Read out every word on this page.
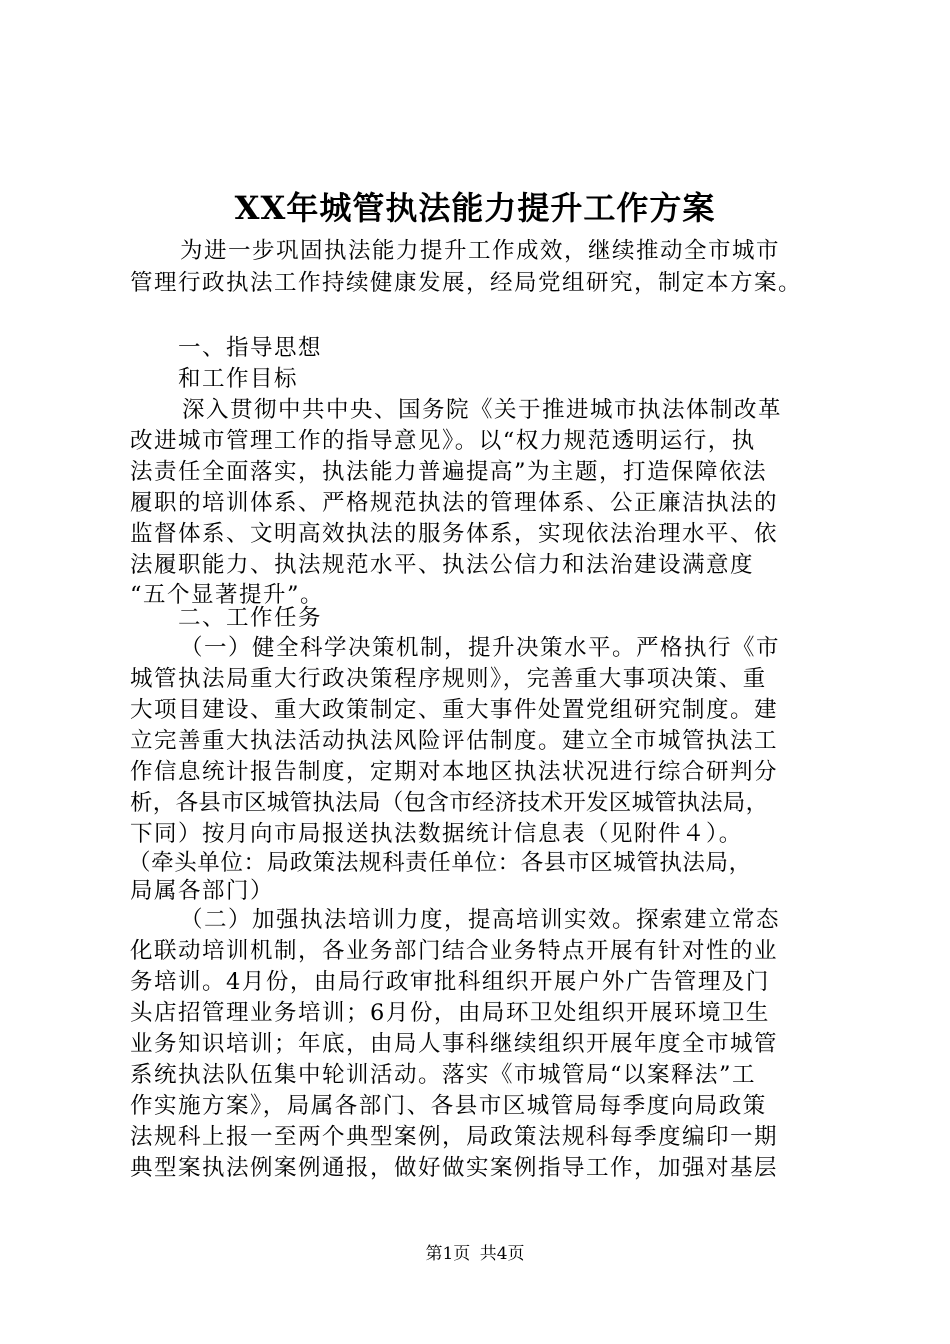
XX年城管执法能力提升工作方案
为进一步巩固执法能力提升工作成效，继续推动全市城市
管理行政执法工作持续健康发展，经局党组研究，制定本方案。
一、指导思想
和工作目标
深入贯彻中共中央、国务院《关于推进城市执法体制改革
改进城市管理工作的指导意见》。以“权力规范透明运行，执
法责任全面落实，执法能力普遍提高”为主题，打造保障依法
履职的培训体系、严格规范执法的管理体系、公正廉洁执法的
监督体系、文明高效执法的服务体系，实现依法治理水平、依
法履职能力、执法规范水平、执法公信力和法治建设满意度
“五个显著提升”。
二、工作任务
（一）健全科学决策机制，提升决策水平。严格执行《市
城管执法局重大行政决策程序规则》，完善重大事项决策、重
大项目建设、重大政策制定、重大事件处置党组研究制度。建
立完善重大执法活动执法风险评估制度。建立全市城管执法工
作信息统计报告制度，定期对本地区执法状况进行综合研判分
析，各县市区城管执法局（包含市经济技术开发区城管执法局，
下同）按月向市局报送执法数据统计信息表（见附件４）。
（牵头单位：局政策法规科责任单位：各县市区城管执法局，
局属各部门）
（二）加强执法培训力度，提高培训实效。探索建立常态
化联动培训机制，各业务部门结合业务特点开展有针对性的业
务培训。4月份，由局行政审批科组织开展户外广告管理及门
头店招管理业务培训；6月份，由局环卫处组织开展环境卫生
业务知识培训；年底，由局人事科继续组织开展年度全市城管
系统执法队伍集中轮训活动。落实《市城管局“以案释法”工
作实施方案》，局属各部门、各县市区城管局每季度向局政策
法规科上报一至两个典型案例，局政策法规科每季度编印一期
典型案执法例案例通报，做好做实案例指导工作，加强对基层
第1页 共4页
